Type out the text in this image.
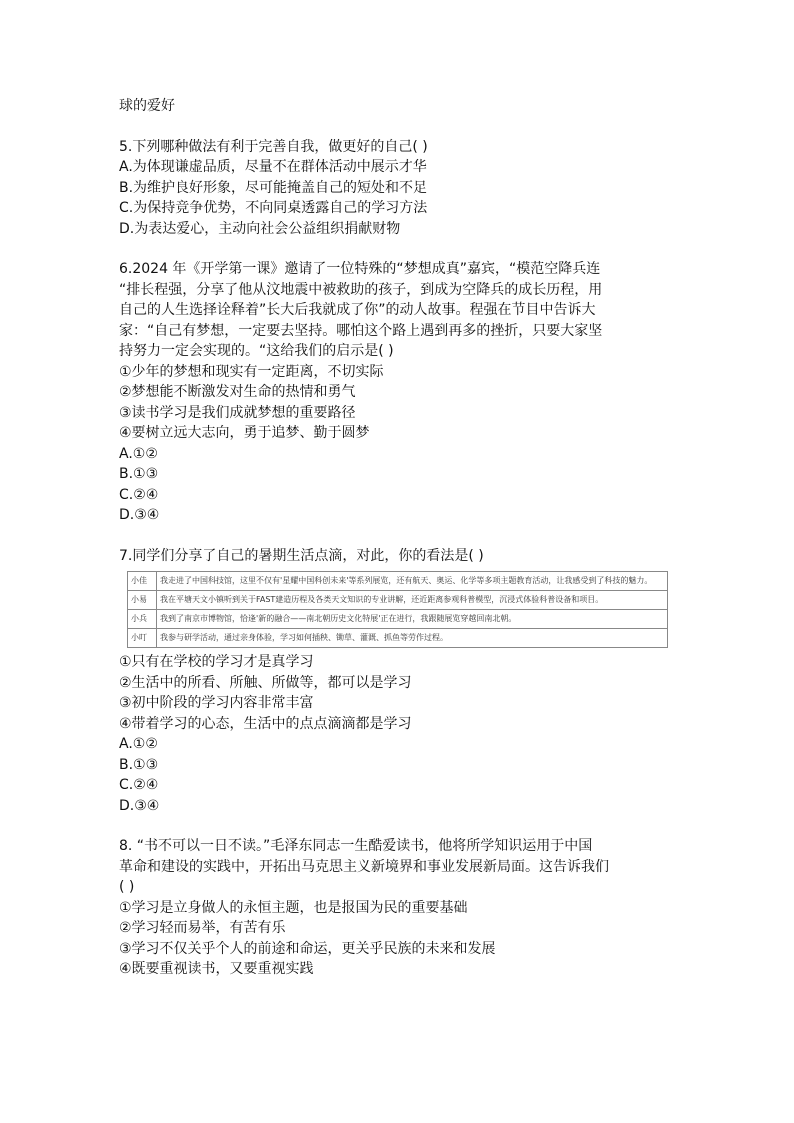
球的爱好
5.下列哪种做法有利于完善自我，做更好的自己( )
A.为体现谦虚品质，尽量不在群体活动中展示才华
B.为维护良好形象，尽可能掩盖自己的短处和不足
C.为保持竞争优势，不向同桌透露自己的学习方法
D.为表达爱心，主动向社会公益组织捐献财物
6.2024 年《开学第一课》邀请了一位特殊的“梦想成真”嘉宾，“模范空降兵连
“排长程强，分享了他从汶地震中被救助的孩子，到成为空降兵的成长历程，用
自己的人生选择诠释着”长大后我就成了你”的动人故事。程强在节目中告诉大
家：“自己有梦想，一定要去坚持。哪怕这个路上遇到再多的挫折，只要大家坚
持努力一定会实现的。“这给我们的启示是( )
①少年的梦想和现实有一定距离，不切实际
②梦想能不断激发对生命的热情和勇气
③读书学习是我们成就梦想的重要路径
④要树立远大志向，勇于追梦、勤于圆梦
A.①②
B.①③
C.②④
D.③④
7.同学们分享了自己的暑期生活点滴，对此，你的看法是( )
小佳	我走进了中国科技馆，这里不仅有'星耀中国科创未来'等系列展览，还有航天、奥运、化学等多项主题教育活动，让我感受到了科技的魅力。
小易	我在平塘天文小镇听到关于FAST建造历程及各类天文知识的专业讲解，还近距离参观科普模型，沉浸式体验科普设备和项目。
小兵	我到了南京市博物馆，恰逢'新的融合——南北朝历史文化特展'正在进行，我跟随展览穿越回南北朝。
小叮	我参与研学活动，通过亲身体验，学习如何插秧、锄草、灌溉、抓鱼等劳作过程。
①只有在学校的学习才是真学习
②生活中的所看、所触、所做等，都可以是学习
③初中阶段的学习内容非常丰富
④带着学习的心态，生活中的点点滴滴都是学习
A.①②
B.①③
C.②④
D.③④
8. “书不可以一日不读。”毛泽东同志一生酷爱读书，他将所学知识运用于中国
革命和建设的实践中，开拓出马克思主义新境界和事业发展新局面。这告诉我们
( )
①学习是立身做人的永恒主题，也是报国为民的重要基础
②学习轻而易举，有苦有乐
③学习不仅关乎个人的前途和命运，更关乎民族的未来和发展
④既要重视读书，又要重视实践
